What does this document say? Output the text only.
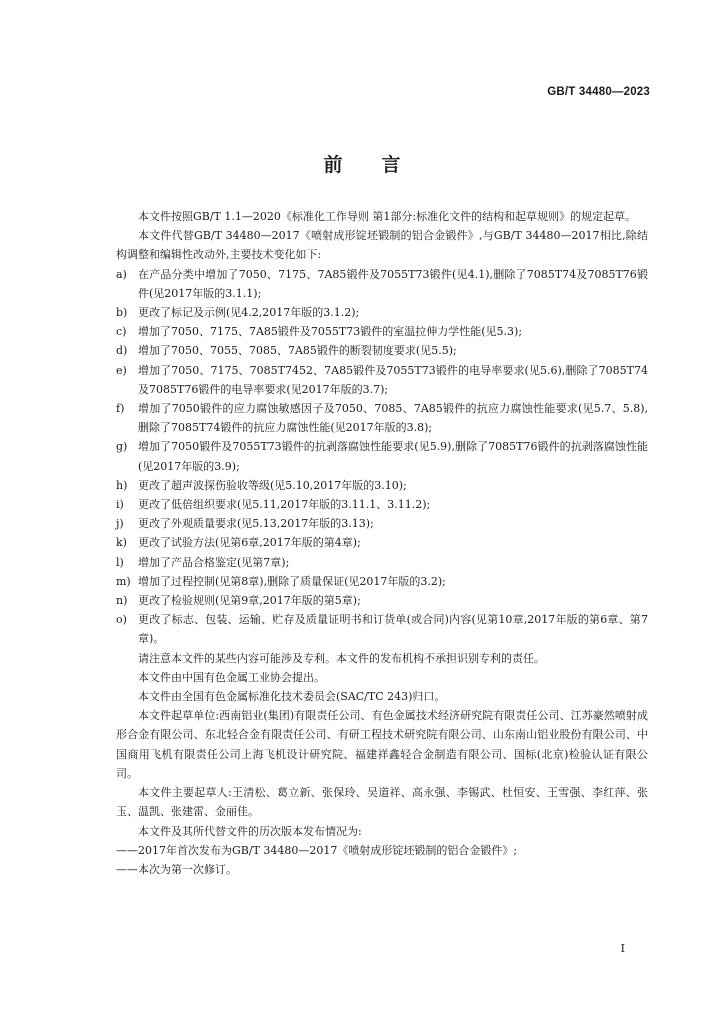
GB/T 34480—2023
前 言

本文件按照GB/T 1.1—2020《标准化工作导则 第1部分:标准化文件的结构和起草规则》的规定起草。

本文件代替GB/T 34480—2017《喷射成形锭坯锻制的铝合金锻件》,与GB/T 34480—2017相比,除结构调整和编辑性改动外,主要技术变化如下:

a)	在产品分类中增加了7050、7175、7A85锻件及7055T73锻件(见4.1),删除了7085T74及7085T76锻件(见2017年版的3.1.1);
b) 更改了标记及示例(见4.2,2017年版的3.1.2);
c)	增加了7050、7175、7A85锻件及7055T73锻件的室温拉伸力学性能(见5.3);
d) 增加了7050、7055、7085、7A85锻件的断裂韧度要求(见5.5);
e)	增加了7050、7175、7085T7452、7A85锻件及7055T73锻件的电导率要求(见5.6),删除了7085T74及7085T76锻件的电导率要求(见2017年版的3.7);
f)	增加了7050锻件的应力腐蚀敏感因子及7050、7085、7A85锻件的抗应力腐蚀性能要求(见5.7、5.8),删除了7085T74锻件的抗应力腐蚀性能(见2017年版的3.8);
g) 增加了7050锻件及7055T73锻件的抗剥落腐蚀性能要求(见5.9),删除了7085T76锻件的抗剥落腐蚀性能(见2017年版的3.9);
h) 更改了超声波探伤验收等级(见5.10,2017年版的3.10);
i)	更改了低倍组织要求(见5.11,2017年版的3.11.1、3.11.2);
j)	更改了外观质量要求(见5.13,2017年版的3.13);
k)	更改了试验方法(见第6章,2017年版的第4章);
l)	增加了产品合格鉴定(见第7章);
m) 增加了过程控制(见第8章),删除了质量保证(见2017年版的3.2);
n) 更改了检验规则(见第9章,2017年版的第5章);
o)	更改了标志、包装、运输、贮存及质量证明书和订货单(或合同)内容(见第10章,2017年版的第6章、第7章)。

请注意本文件的某些内容可能涉及专利。本文件的发布机构不承担识别专利的责任。

本文件由中国有色金属工业协会提出。

本文件由全国有色金属标准化技术委员会(SAC/TC 243)归口。

本文件起草单位:西南铝业(集团)有限责任公司、有色金属技术经济研究院有限责任公司、江苏豪然喷射成形合金有限公司、东北轻合金有限责任公司、有研工程技术研究院有限公司、山东南山铝业股份有限公司、中国商用飞机有限责任公司上海飞机设计研究院、福建祥鑫轻合金制造有限公司、国标(北京)检验认证有限公司。

本文件主要起草人:王清松、葛立新、张保玲、吴道祥、高永强、李锡武、杜恒安、王雪强、李红萍、张玉、温凯、张建雷、金丽佳。

本文件及其所代替文件的历次版本发布情况为:

——2017年首次发布为GB/T 34480—2017《喷射成形锭坯锻制的铝合金锻件》;

——本次为第一次修订。

I
